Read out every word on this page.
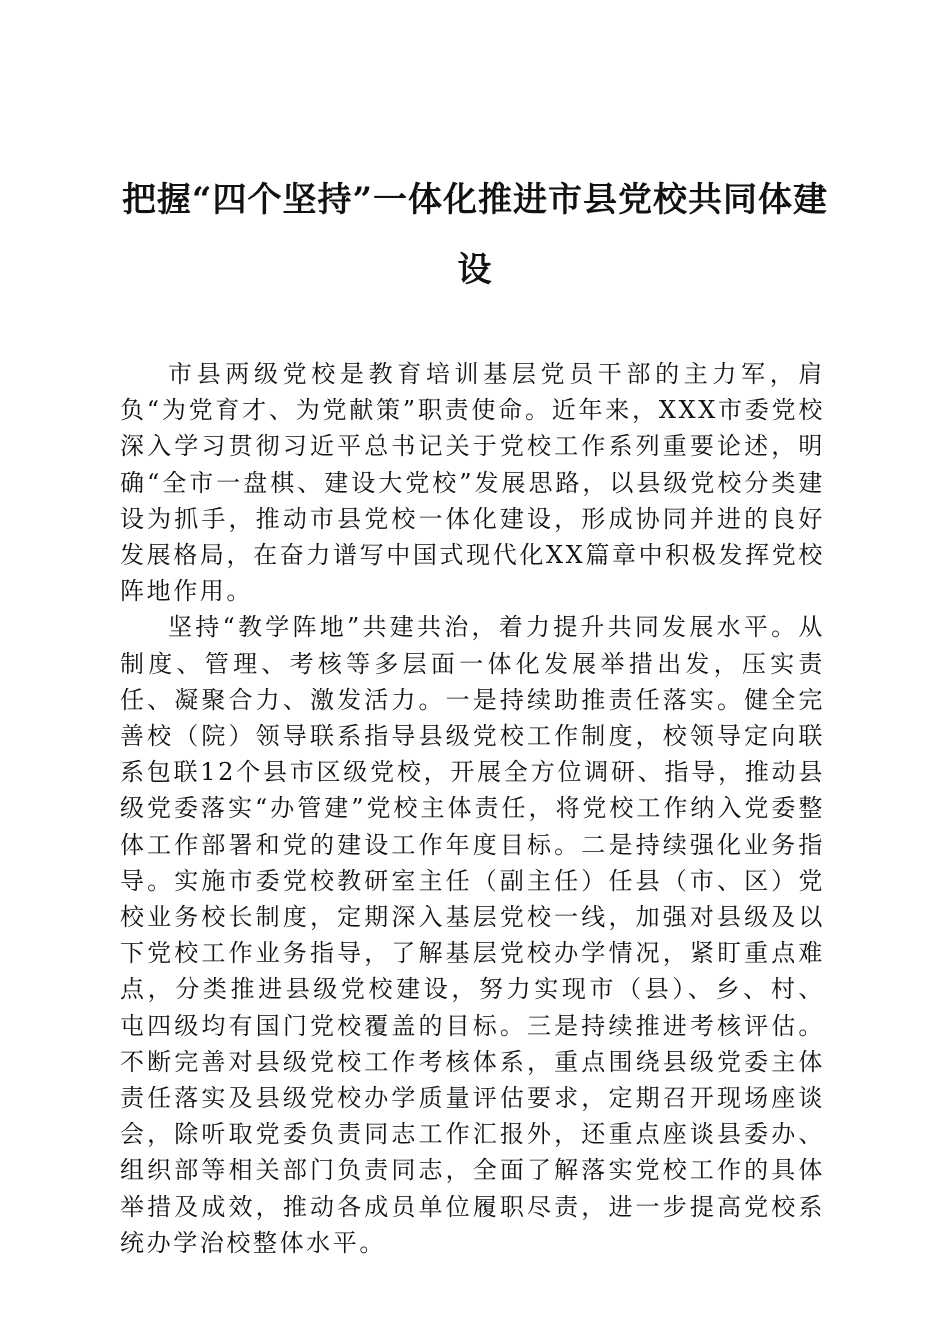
把握“四个坚持”一体化推进市县党校共同体建设

市县两级党校是教育培训基层党员干部的主力军，肩负“为党育才、为党献策”职责使命。近年来，XXX市委党校深入学习贯彻习近平总书记关于党校工作系列重要论述，明确“全市一盘棋、建设大党校”发展思路，以县级党校分类建设为抓手，推动市县党校一体化建设，形成协同并进的良好发展格局，在奋力谱写中国式现代化XX篇章中积极发挥党校阵地作用。

坚持“教学阵地”共建共治，着力提升共同发展水平。从制度、管理、考核等多层面一体化发展举措出发，压实责任、凝聚合力、激发活力。一是持续助推责任落实。健全完善校（院）领导联系指导县级党校工作制度，校领导定向联系包联12个县市区级党校，开展全方位调研、指导，推动县级党委落实“办管建”党校主体责任，将党校工作纳入党委整体工作部署和党的建设工作年度目标。二是持续强化业务指导。实施市委党校教研室主任（副主任）任县（市、区）党校业务校长制度，定期深入基层党校一线，加强对县级及以下党校工作业务指导，了解基层党校办学情况，紧盯重点难点，分类推进县级党校建设，努力实现市（县）、乡、村、屯四级均有国门党校覆盖的目标。三是持续推进考核评估。不断完善对县级党校工作考核体系，重点围绕县级党委主体责任落实及县级党校办学质量评估要求，定期召开现场座谈会，除听取党委负责同志工作汇报外，还重点座谈县委办、组织部等相关部门负责同志，全面了解落实党校工作的具体举措及成效，推动各成员单位履职尽责，进一步提高党校系统办学治校整体水平。
